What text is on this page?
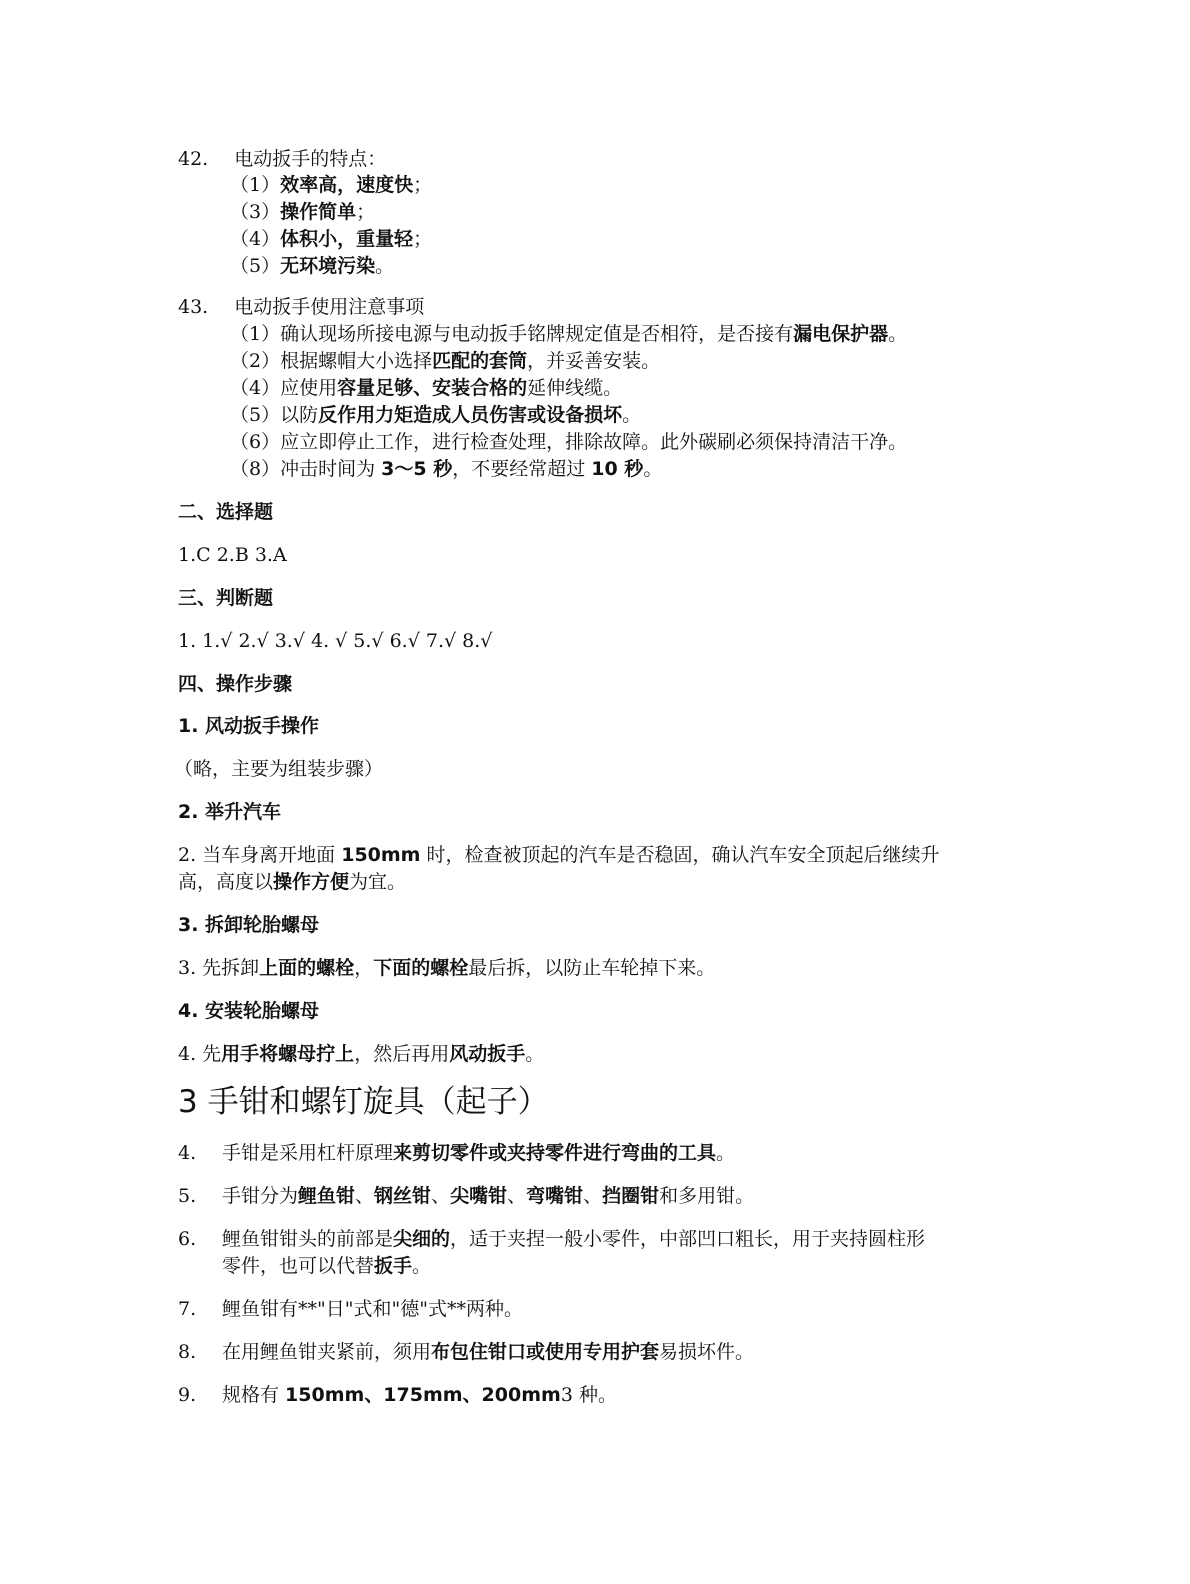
42. 电动扳手的特点：
（1）效率高，速度快；
（3）操作简单；
（4）体积小，重量轻；
（5）无环境污染。
43. 电动扳手使用注意事项
（1）确认现场所接电源与电动扳手铭牌规定值是否相符，是否接有漏电保护器。
（2）根据螺帽大小选择匹配的套筒，并妥善安装。
（4）应使用容量足够、安装合格的延伸线缆。
（5）以防反作用力矩造成人员伤害或设备损坏。
（6）应立即停止工作，进行检查处理，排除故障。此外碳刷必须保持清洁干净。
（8）冲击时间为 3～5 秒，不要经常超过 10 秒。
二、选择题
1.C 2.B 3.A
三、判断题
1. 1.√ 2.√ 3.√ 4. √ 5.√ 6.√ 7.√ 8.√
四、操作步骤
1. 风动扳手操作
（略，主要为组装步骤）
2. 举升汽车
2. 当车身离开地面 150mm 时，检查被顶起的汽车是否稳固，确认汽车安全顶起后继续升
高，高度以操作方便为宜。
3. 拆卸轮胎螺母
3. 先拆卸上面的螺栓，下面的螺栓最后拆，以防止车轮掉下来。
4. 安装轮胎螺母
4. 先用手将螺母拧上，然后再用风动扳手。
3 手钳和螺钉旋具（起子）
4. 手钳是采用杠杆原理来剪切零件或夹持零件进行弯曲的工具。
5. 手钳分为鲤鱼钳、钢丝钳、尖嘴钳、弯嘴钳、挡圈钳和多用钳。
6. 鲤鱼钳钳头的前部是尖细的，适于夹捏一般小零件，中部凹口粗长，用于夹持圆柱形
零件，也可以代替扳手。
7. 鲤鱼钳有**"日"式和"德"式**两种。
8. 在用鲤鱼钳夹紧前，须用布包住钳口或使用专用护套易损坏件。
9. 规格有 150mm、175mm、200mm3 种。
